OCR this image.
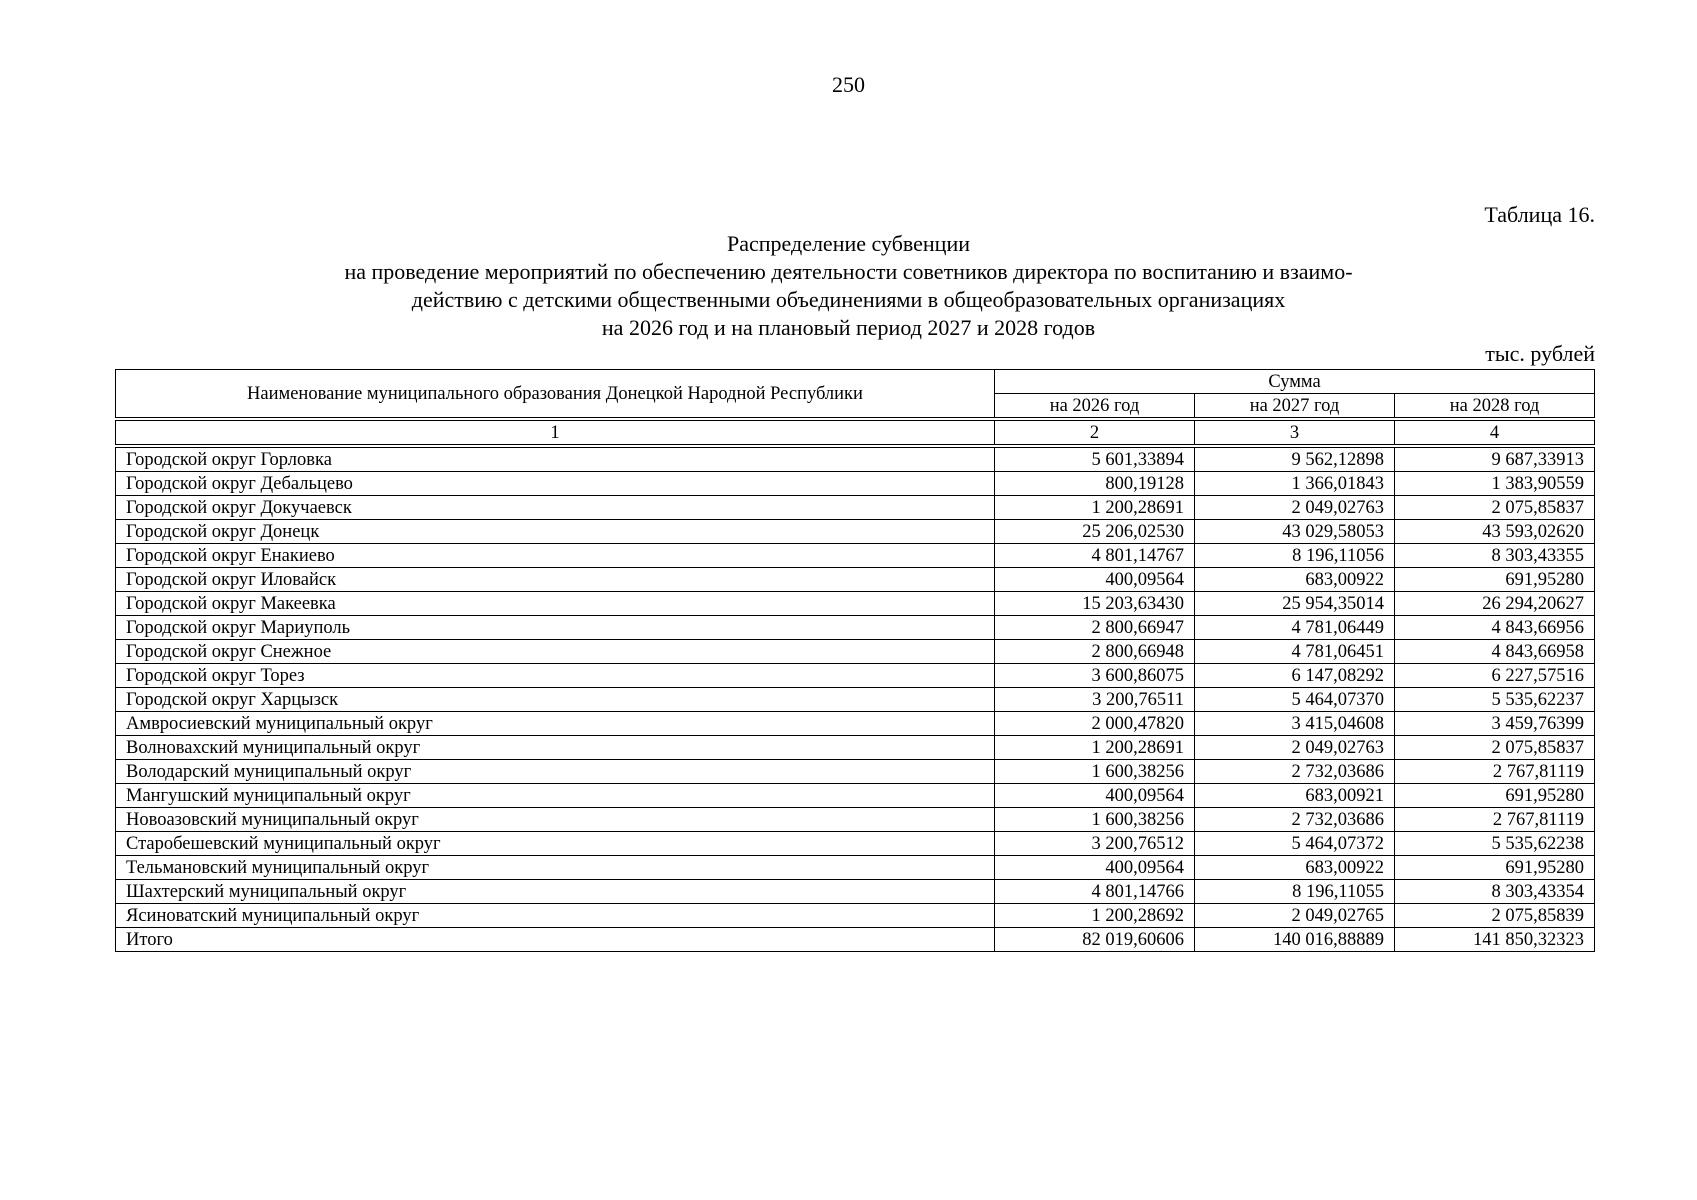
250
Таблица 16.
Распределение субвенции
на проведение мероприятий по обеспечению деятельности советников директора по воспитанию и взаимо-
действию с детскими общественными объединениями в общеобразовательных организациях
на 2026 год и на плановый период 2027 и 2028 годов
тыс. рублей
Наименование муниципального образования Донецкой Народной Республики	Сумма		
	на 2026 год	на 2027 год	на 2028 год
1	2	3	4
Городской округ Горловка	5 601,33894	9 562,12898	9 687,33913
Городской округ Дебальцево	800,19128	1 366,01843	1 383,90559
Городской округ Докучаевск	1 200,28691	2 049,02763	2 075,85837
Городской округ Донецк	25 206,02530	43 029,58053	43 593,02620
Городской округ Енакиево	4 801,14767	8 196,11056	8 303,43355
Городской округ Иловайск	400,09564	683,00922	691,95280
Городской округ Макеевка	15 203,63430	25 954,35014	26 294,20627
Городской округ Мариуполь	2 800,66947	4 781,06449	4 843,66956
Городской округ Снежное	2 800,66948	4 781,06451	4 843,66958
Городской округ Торез	3 600,86075	6 147,08292	6 227,57516
Городской округ Харцызск	3 200,76511	5 464,07370	5 535,62237
Амвросиевский муниципальный округ	2 000,47820	3 415,04608	3 459,76399
Волновахский муниципальный округ	1 200,28691	2 049,02763	2 075,85837
Володарский муниципальный округ	1 600,38256	2 732,03686	2 767,81119
Мангушский муниципальный округ	400,09564	683,00921	691,95280
Новоазовский муниципальный округ	1 600,38256	2 732,03686	2 767,81119
Старобешевский муниципальный округ	3 200,76512	5 464,07372	5 535,62238
Тельмановский муниципальный округ	400,09564	683,00922	691,95280
Шахтерский муниципальный округ	4 801,14766	8 196,11055	8 303,43354
Ясиноватский муниципальный округ	1 200,28692	2 049,02765	2 075,85839
Итого	82 019,60606	140 016,88889	141 850,32323
